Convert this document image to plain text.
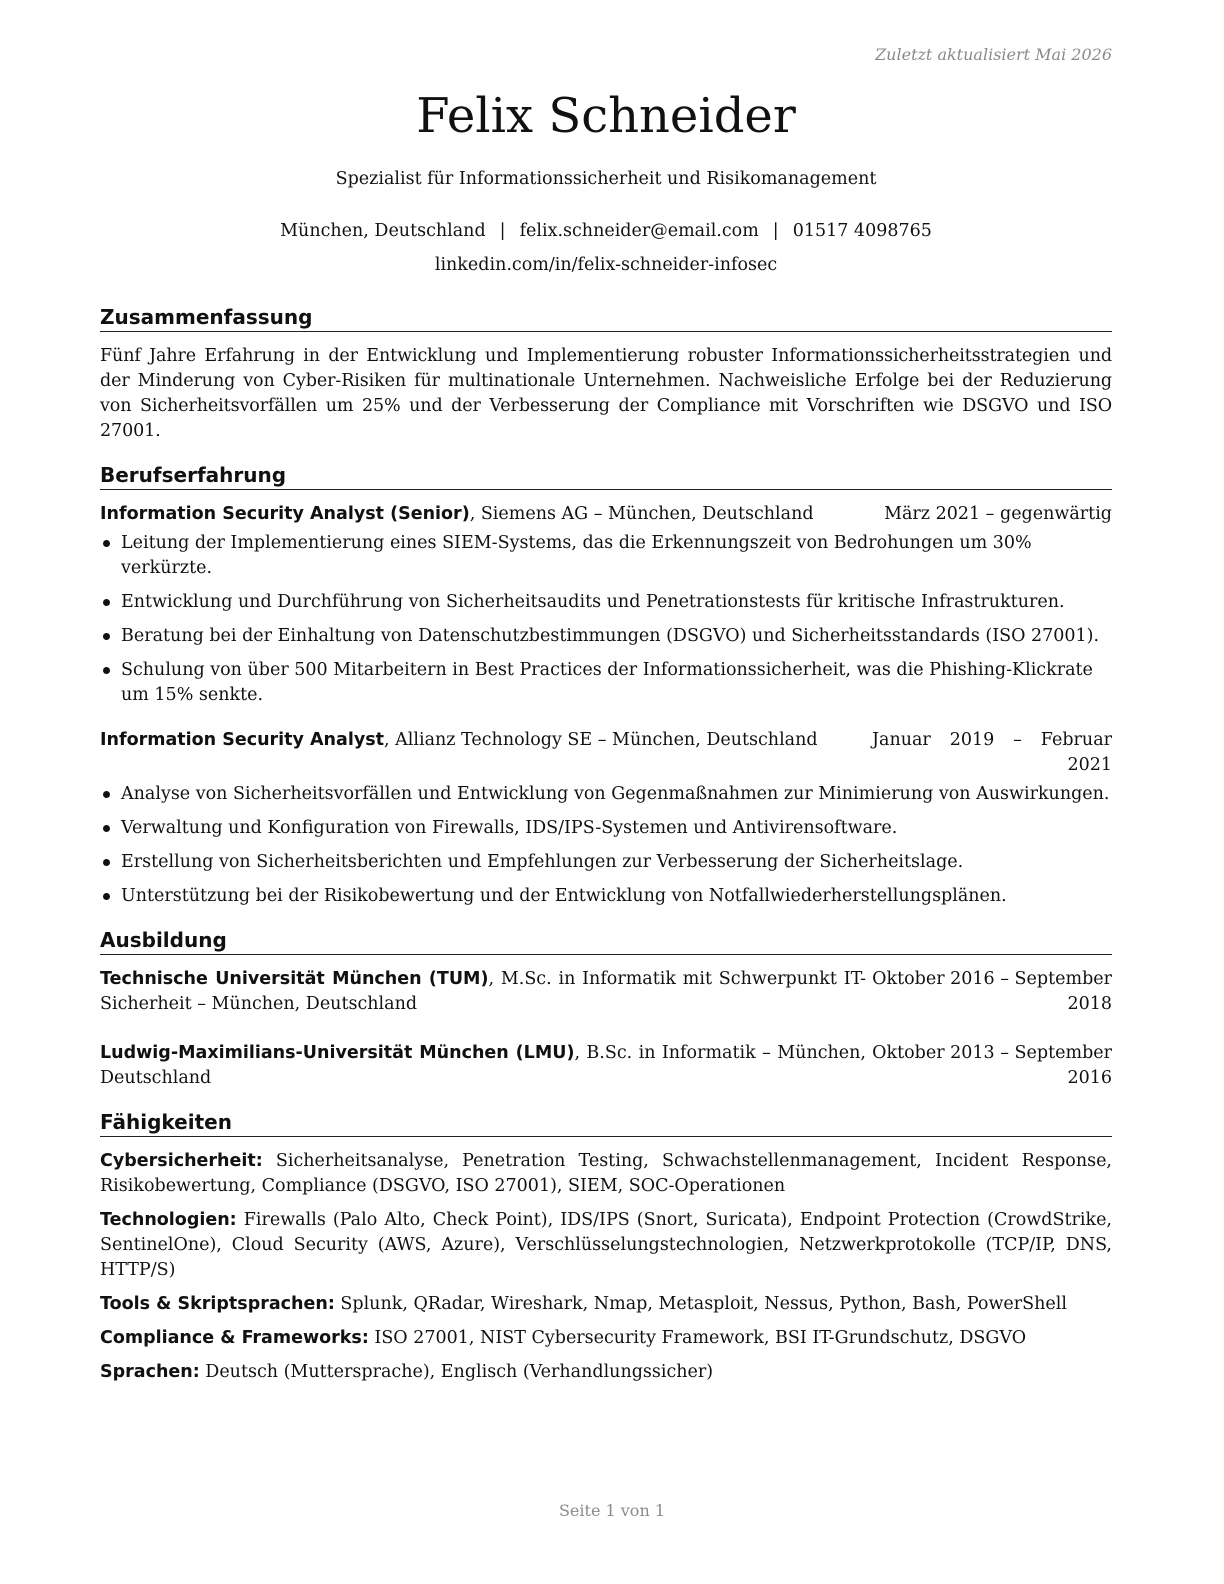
Zuletzt aktualisiert Mai 2026
Felix Schneider
Spezialist für Informationssicherheit und Risikomanagement
München, Deutschland | felix.schneider@email.com | 01517 4098765
linkedin.com/in/felix-schneider-infosec
Zusammenfassung

Fünf Jahre Erfahrung in der Entwicklung und Implementierung robuster Informationssicherheitsstrategien und der Minderung von Cyber-Risiken für multinationale Unternehmen. Nachweisliche Erfolge bei der Reduzierung von Sicherheitsvorfällen um 25% und der Verbesserung der Compliance mit Vorschriften wie DSGVO und ISO 27001.

Berufserfahrung
Information Security Analyst (Senior), Siemens AG – München, Deutschland	März 2021 – gegenwärtig
Leitung der Implementierung eines SIEM-Systems, das die Erkennungszeit von Bedrohungen um 30% verkürzte.
Entwicklung und Durchführung von Sicherheitsaudits und Penetrationstests für kritische Infrastrukturen.
Beratung bei der Einhaltung von Datenschutzbestimmungen (DSGVO) und Sicherheitsstandards (ISO 27001).
Schulung von über 500 Mitarbeitern in Best Practices der Informationssicherheit, was die Phishing-Klickrate um 15% senkte.
Information Security Analyst, Allianz Technology SE – München, Deutschland	Januar 2019 – Februar 2021
Analyse von Sicherheitsvorfällen und Entwicklung von Gegenmaßnahmen zur Minimierung von Auswirkungen.
Verwaltung und Konfiguration von Firewalls, IDS/IPS-Systemen und Antivirensoftware.
Erstellung von Sicherheitsberichten und Empfehlungen zur Verbesserung der Sicherheitslage.
Unterstützung bei der Risikobewertung und der Entwicklung von Notfallwiederherstellungsplänen.
Ausbildung
Technische Universität München (TUM), M.Sc. in Informatik mit Schwerpunkt IT-Sicherheit – München, Deutschland
Oktober 2016 – September 2018
Ludwig-Maximilians-Universität München (LMU), B.Sc. in Informatik – München, Deutschland
Oktober 2013 – September 2016
Fähigkeiten

Cybersicherheit: Sicherheitsanalyse, Penetration Testing, Schwachstellenmanagement, Incident Response, Risikobewertung, Compliance (DSGVO, ISO 27001), SIEM, SOC-Operationen

Technologien: Firewalls (Palo Alto, Check Point), IDS/IPS (Snort, Suricata), Endpoint Protection (CrowdStrike, SentinelOne), Cloud Security (AWS, Azure), Verschlüsselungstechnologien, Netzwerkprotokolle (TCP/IP, DNS, HTTP/S)

Tools & Skriptsprachen: Splunk, QRadar, Wireshark, Nmap, Metasploit, Nessus, Python, Bash, PowerShell

Compliance & Frameworks: ISO 27001, NIST Cybersecurity Framework, BSI IT-Grundschutz, DSGVO

Sprachen: Deutsch (Muttersprache), Englisch (Verhandlungssicher)

Seite 1 von 1
